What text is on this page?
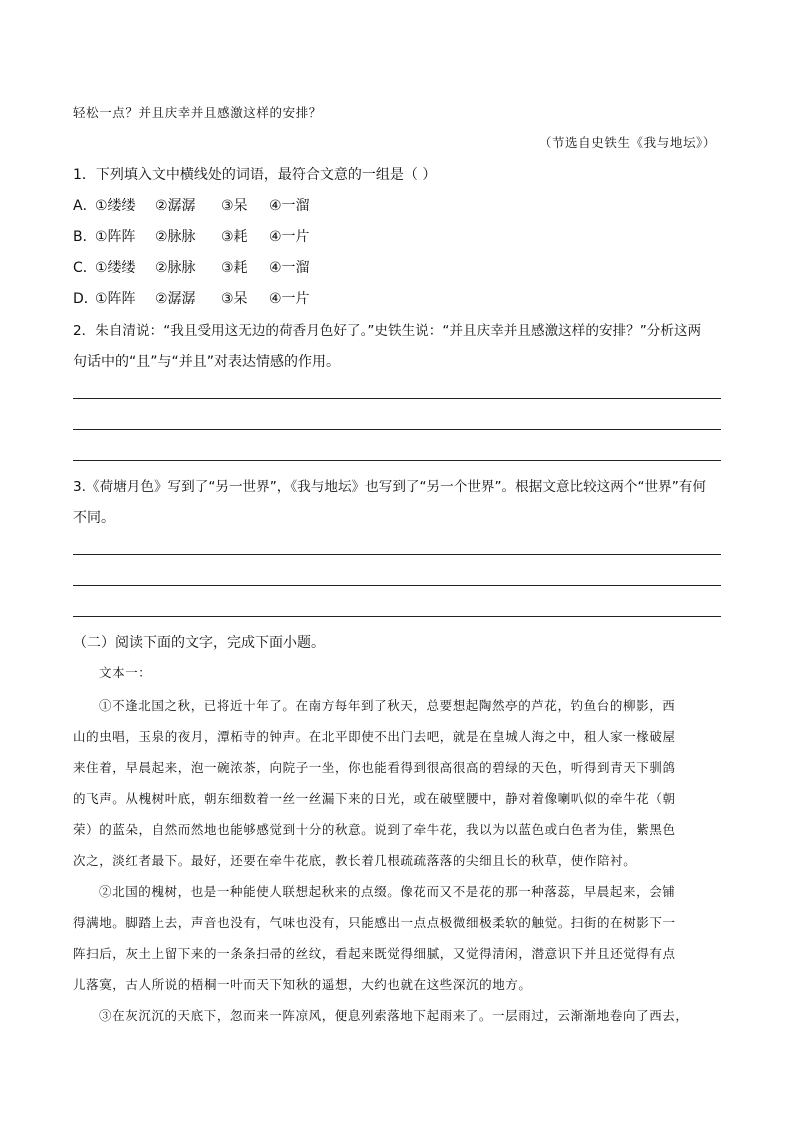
轻松一点？并且庆幸并且感激这样的安排？
（节选自史铁生《我与地坛》）
1．下列填入文中横线处的词语，最符合文意的一组是（ ）
A．①缕缕 ②潺潺 ③呆 ④一溜
B．①阵阵 ②脉脉 ③耗 ④一片
C．①缕缕 ②脉脉 ③耗 ④一溜
D．①阵阵 ②潺潺 ③呆 ④一片
2．朱自清说：“我且受用这无边的荷香月色好了。”史铁生说：“并且庆幸并且感激这样的安排？”分析这两
句话中的“且”与“并且”对表达情感的作用。
3.《荷塘月色》写到了“另一世界”，《我与地坛》也写到了“另一个世界”。根据文意比较这两个“世界”有何
不同。
（二）阅读下面的文字，完成下面小题。
文本一：
①不逢北国之秋，已将近十年了。在南方每年到了秋天，总要想起陶然亭的芦花，钓鱼台的柳影，西
山的虫唱，玉泉的夜月，潭柘寺的钟声。在北平即使不出门去吧，就是在皇城人海之中，租人家一椽破屋
来住着，早晨起来，泡一碗浓茶，向院子一坐，你也能看得到很高很高的碧绿的天色，听得到青天下驯鸽
的飞声。从槐树叶底，朝东细数着一丝一丝漏下来的日光，或在破壁腰中，静对着像喇叭似的牵牛花（朝
荣）的蓝朵，自然而然地也能够感觉到十分的秋意。说到了牵牛花，我以为以蓝色或白色者为佳，紫黑色
次之，淡红者最下。最好，还要在牵牛花底，教长着几根疏疏落落的尖细且长的秋草，使作陪衬。
②北国的槐树，也是一种能使人联想起秋来的点缀。像花而又不是花的那一种落蕊，早晨起来，会铺
得满地。脚踏上去，声音也没有，气味也没有，只能感出一点点极微细极柔软的触觉。扫街的在树影下一
阵扫后，灰土上留下来的一条条扫帚的丝纹，看起来既觉得细腻，又觉得清闲，潜意识下并且还觉得有点
儿落寞，古人所说的梧桐一叶而天下知秋的遥想，大约也就在这些深沉的地方。
③在灰沉沉的天底下，忽而来一阵凉风，便息列索落地下起雨来了。一层雨过，云渐渐地卷向了西去，
